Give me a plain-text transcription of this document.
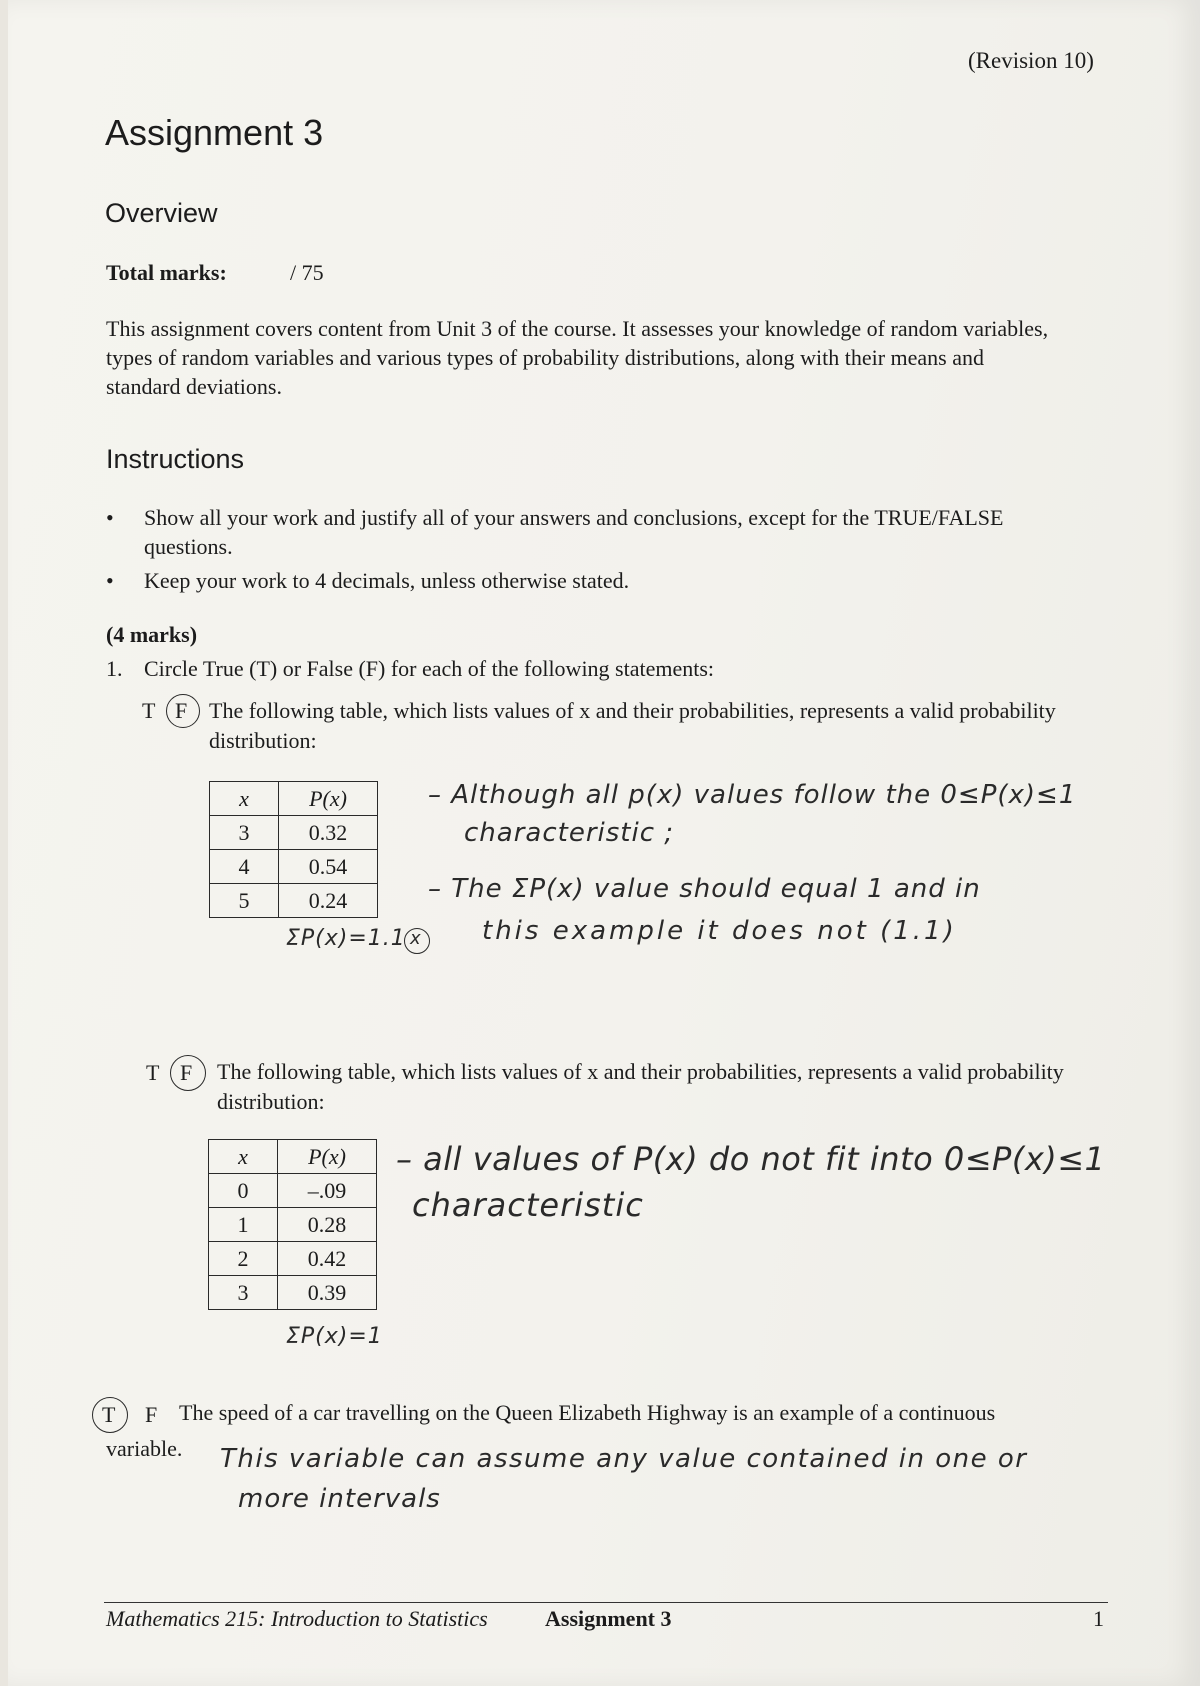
(Revision 10)
Assignment 3
Overview
Total marks:	/ 75
This assignment covers content from Unit 3 of the course. It assesses your knowledge of random variables, types of random variables and various types of probability distributions, along with their means and standard deviations.
Instructions
• Show all your work and justify all of your answers and conclusions, except for the TRUE/FALSE questions.
• Keep your work to 4 decimals, unless otherwise stated.
(4 marks)
1. Circle True (T) or False (F) for each of the following statements:
T F The following table, which lists values of x and their probabilities, represents a valid probability distribution:
x	P(x)
3	0.32
4	0.54
5	0.24
– Although all p(x) values follow the 0≤P(x)≤1
characteristic ;
– The ΣP(x) value should equal 1 and in
this example it does not (1.1)
ΣP(x)=1.1 x
T F The following table, which lists values of x and their probabilities, represents a valid probability distribution:
x	P(x)
0	–.09
1	0.28
2	0.42
3	0.39
– all values of P(x) do not fit into 0≤P(x)≤1
characteristic
ΣP(x)=1
T F The speed of a car travelling on the Queen Elizabeth Highway is an example of a continuous
variable. This variable can assume any value contained in one or
more intervals
Mathematics 215: Introduction to Statistics	Assignment 3	1
